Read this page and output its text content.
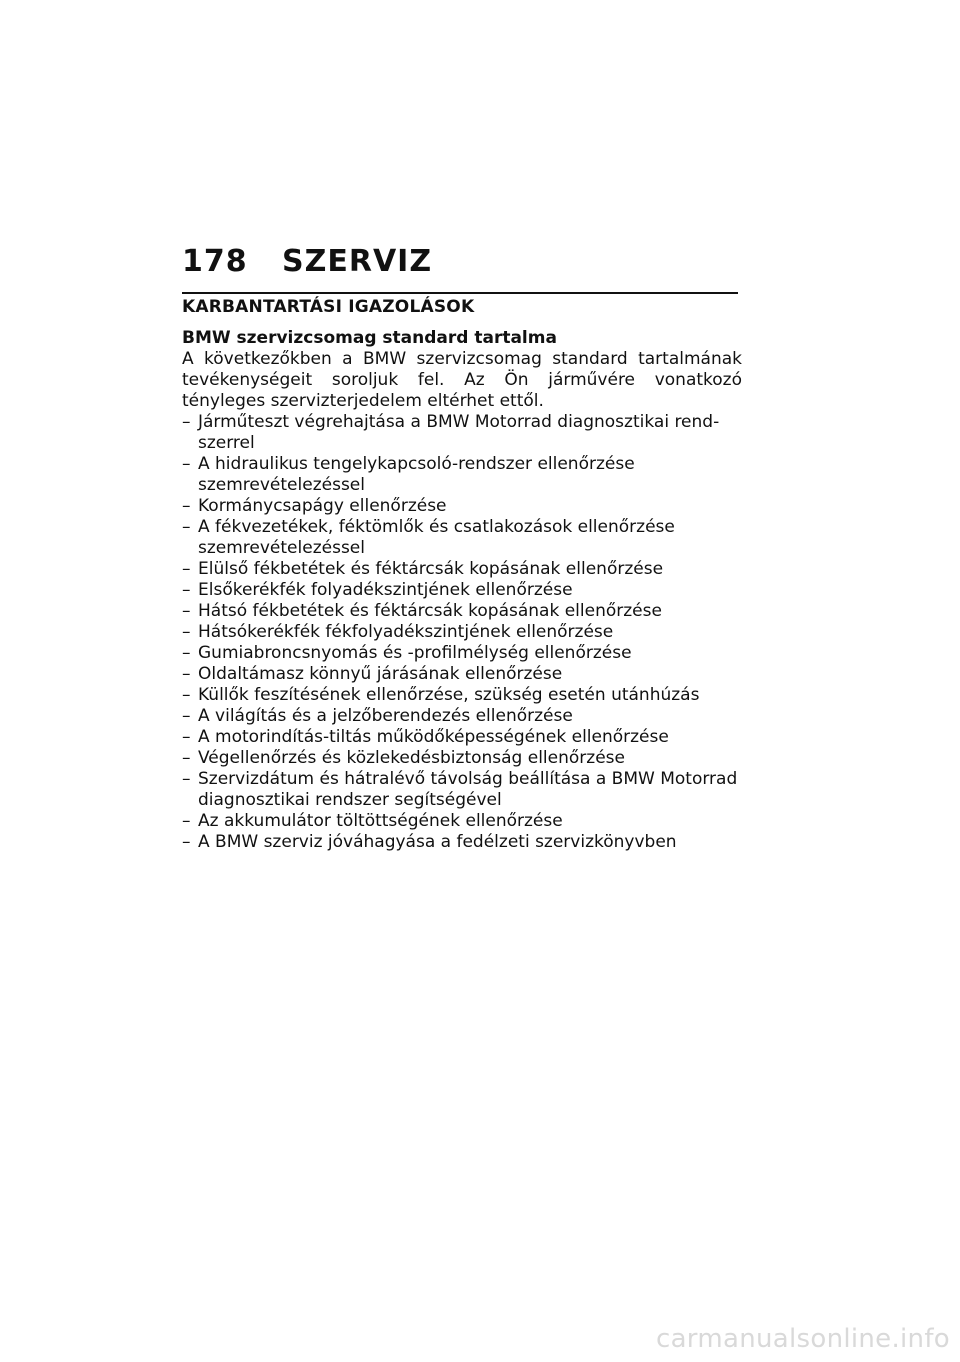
178	SZERVIZ
KARBANTARTÁSI IGAZOLÁSOK
BMW szervizcsomag standard tartalma

A következőkben a BMW szervizcsomag standard tartalmának tevékenységeit soroljuk fel. Az Ön járművére vonatkozó tényleges szervizterjedelem eltérhet ettől.

– Járműteszt végrehajtása a BMW Motorrad diagnosztikai rendszerrel
– A hidraulikus tengelykapcsoló-rendszer ellenőrzése szemrevételezéssel
– Kormánycsapágy ellenőrzése
– A fékvezetékek, féktömlők és csatlakozások ellenőrzése szemrevételezéssel
– Elülső fékbetétek és féktárcsák kopásának ellenőrzése
– Elsőkerékfék folyadékszintjének ellenőrzése
– Hátsó fékbetétek és féktárcsák kopásának ellenőrzése
– Hátsókerékfék fékfolyadékszintjének ellenőrzése
– Gumiabroncsnyomás és -profilmélység ellenőrzése
– Oldaltámasz könnyű járásának ellenőrzése
– Küllők feszítésének ellenőrzése, szükség esetén utánhúzás
– A világítás és a jelzőberendezés ellenőrzése
– A motorindítás-tiltás működőképességének ellenőrzése
– Végellenőrzés és közlekedésbiztonság ellenőrzése
– Szervizdátum és hátralévő távolság beállítása a BMW Motorrad diagnosztikai rendszer segítségével
– Az akkumulátor töltöttségének ellenőrzése
– A BMW szerviz jóváhagyása a fedélzeti szervizkönyvben
carmanualsonline.info
